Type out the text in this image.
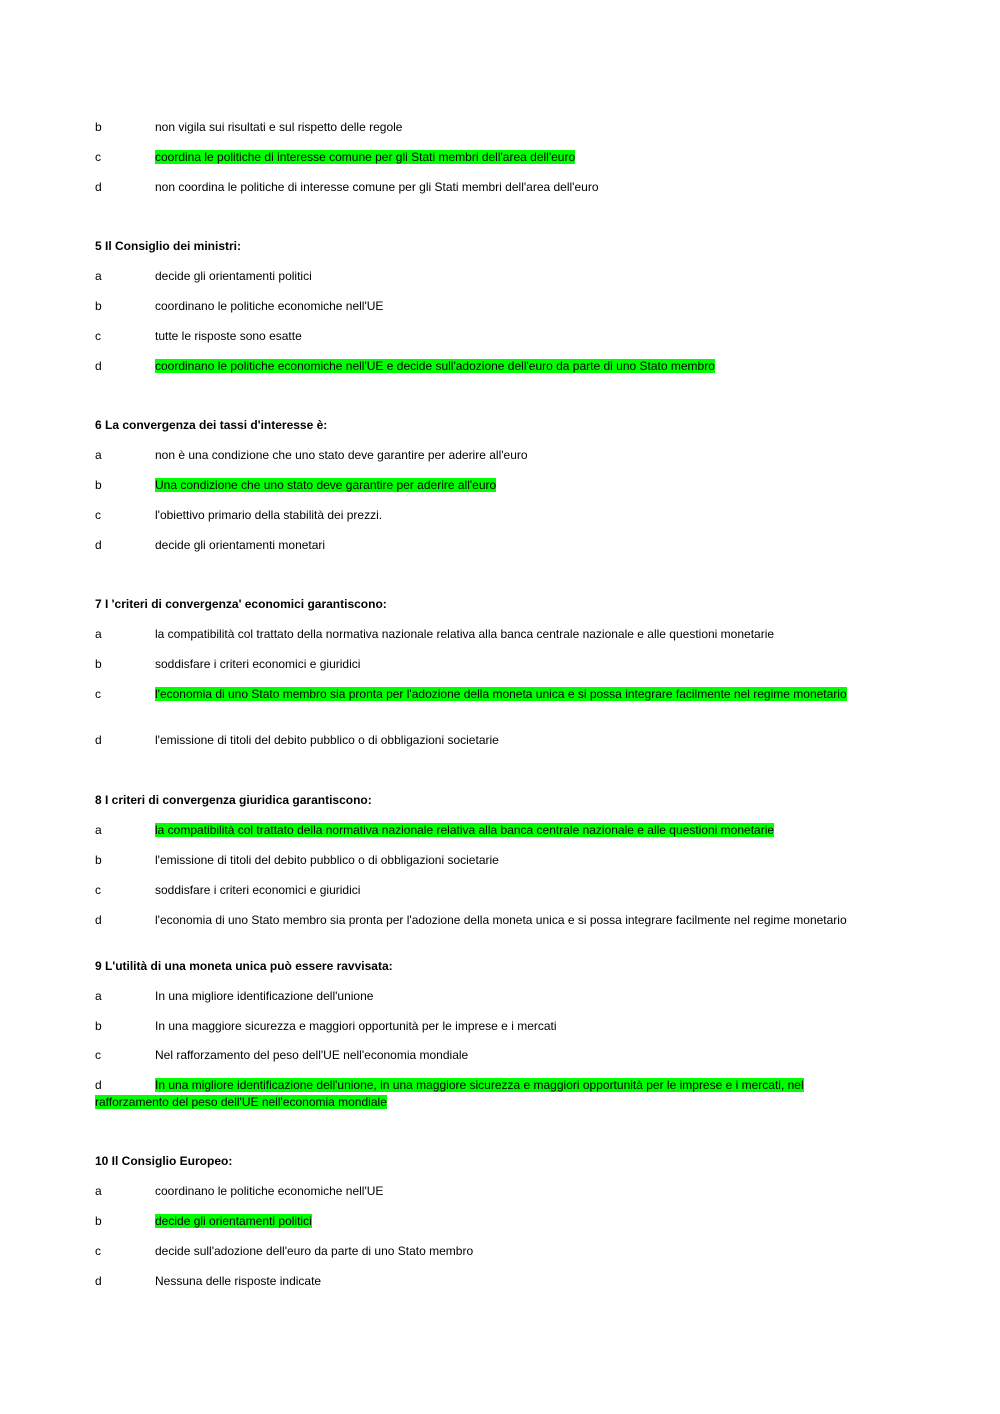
b	non vigila sui risultati e sul rispetto delle regole
c	coordina le politiche di interesse comune per gli Stati membri dell'area dell'euro
d	non coordina le politiche di interesse comune per gli Stati membri dell'area dell'euro
5 Il Consiglio dei ministri:
a	decide gli orientamenti politici
b	coordinano le politiche economiche nell'UE
c	tutte le risposte sono esatte
d	coordinano le politiche economiche nell'UE e decide sull'adozione dell'euro da parte di uno Stato membro
6 La convergenza dei tassi d'interesse è:
a	non è una condizione che uno stato deve garantire per aderire all'euro
b	Una condizione che uno stato deve garantire per aderire all'euro
c	l'obiettivo primario della stabilità dei prezzi.
d	decide gli orientamenti monetari
7 I 'criteri di convergenza' economici garantiscono:
a	la compatibilità col trattato della normativa nazionale relativa alla banca centrale nazionale e alle questioni monetarie
b	soddisfare i criteri economici e giuridici
c	l'economia di uno Stato membro sia pronta per l'adozione della moneta unica e si possa integrare facilmente nel regime monetario
d	l'emissione di titoli del debito pubblico o di obbligazioni societarie
8 I criteri di convergenza giuridica garantiscono:
a	la compatibilità col trattato della normativa nazionale relativa alla banca centrale nazionale e alle questioni monetarie
b	l'emissione di titoli del debito pubblico o di obbligazioni societarie
c	soddisfare i criteri economici e giuridici
d	l'economia di uno Stato membro sia pronta per l'adozione della moneta unica e si possa integrare facilmente nel regime monetario
9 L'utilità di una moneta unica può essere ravvisata:
a	In una migliore identificazione dell'unione
b	In una maggiore sicurezza e maggiori opportunità per le imprese e i mercati
c	Nel rafforzamento del peso dell'UE nell'economia mondiale
d	In una migliore identificazione dell'unione, in una maggiore sicurezza e maggiori opportunità per le imprese e i mercati, nel rafforzamento del peso dell'UE nell'economia mondiale
10 Il Consiglio Europeo:
a	coordinano le politiche economiche nell'UE
b	decide gli orientamenti politici
c	decide sull'adozione dell'euro da parte di uno Stato membro
d	Nessuna delle risposte indicate
